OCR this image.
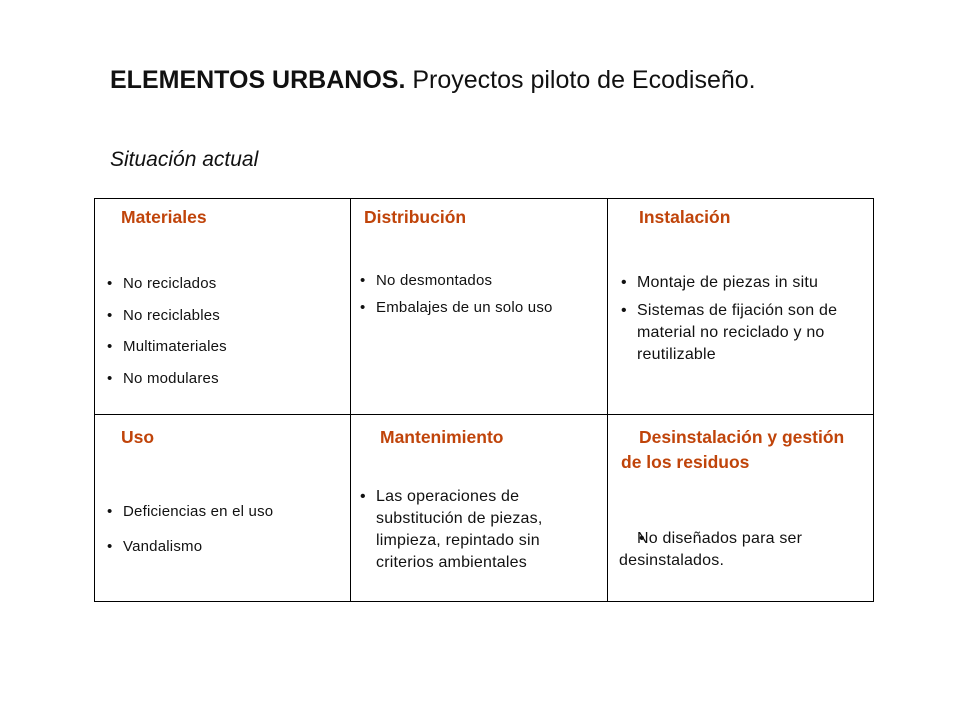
ELEMENTOS URBANOS. Proyectos piloto de Ecodiseño.
Situación actual
Materiales
• No reciclados
• No reciclables
• Multimateriales
• No modulares
Distribución
• No desmontados
• Embalajes de un solo uso
Instalación
• Montaje de piezas in situ
• Sistemas de fijación son de material no reciclado y no reutilizable
Uso
• Deficiencias en el uso
• Vandalismo
Mantenimiento
• Las operaciones de substitución de piezas, limpieza, repintado sin criterios ambientales
Desinstalación y gestión de los residuos
• No diseñados para ser desinstalados.
